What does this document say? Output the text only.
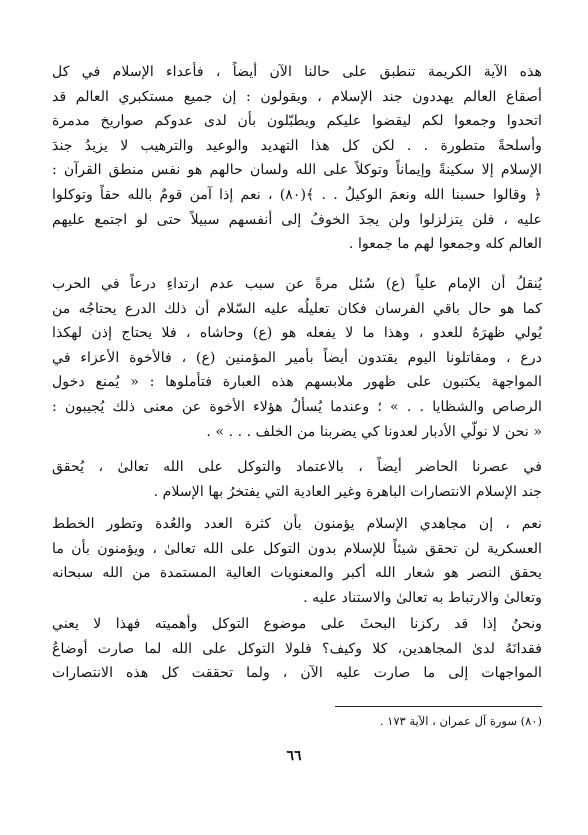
هذه الآية الكريمة تنطبق على حالنا الآن أيضاً ، فأعداء الإسلام في كل
أصقاع العالم يهددون جند الإسلام ، ويقولون : إن جميع مستكبري العالم قد
اتحدوا وجمعوا لكم ليقضوا عليكم ويطبّلون بأن لدى عدوكم صواريخ مدمرة
وأسلحةً متطورة . . لكن كل هذا التهديد والوعيد والترهيب لا يزيدُ جندَ
الإسلام إلا سكينةً وإيماناً وتوكلاً على الله ولسان حالهم هو نفس منطق القرآن :
﴿ وقالوا حسبنا الله ونعمَ الوكيلُ . . ﴾(٨٠) ، نعم إذا آمن قومٌ بالله حقاً وتوكلوا
عليه ، فلن يتزلزلوا ولن يجدَ الخوفُ إلى أنفسهم سبيلاً حتى لو اجتمع عليهم
العالم كله وجمعوا لهم ما جمعوا .
يُنقلُ أن الإمام علياً (ع) سُئل مرةً عن سبب عدم ارتداءِ درعاً في الحرب
كما هو حال باقي الفرسان فكان تعليلُه عليه السّلام أن ذلك الدرع يحتاجُه من
يُولي ظهرَهُ للعدو ، وهذا ما لا يفعله هو (ع) وحاشاه ، فلا يحتاج إذن لهكذا
درع ، ومقاتلونا اليوم يقتدون أيضاً بأمير المؤمنين (ع) ، فالأخوة الأعزاء في
المواجهة يكتبون على ظهور ملابسهم هذه العبارة فتأملوها : « يُمنع دخول
الرصاص والشظايا . . » ؛ وعندما يُسألُ هؤلاء الأخوة عن معنى ذلك يُجيبون :
« نحن لا نولّي الأدبار لعدونا كي يضربنا من الخلف . . . » .
في عصرنا الحاضر أيضاً ، بالاعتماد والتوكل على الله تعالىٰ ، يُحقق
جند الإسلام الانتصارات الباهرة وغير العادية التي يفتخرُ بها الإسلام .
نعم ، إن مجاهدي الإسلام يؤمنون بأن كثرة العدد والعُدة وتطور الخطط
العسكرية لن تحقق شيئاً للإسلام بدون التوكل على الله تعالىٰ ، ويؤمنون بأن ما
يحقق النصر هو شعار الله أكبر والمعنويات العالية المستمدة من الله سبحانه
وتعالىٰ والارتباط به تعالىٰ والاستناد عليه .
ونحنُ إذا قد ركزنا البحثَ على موضوع التوكل وأهميته فهذا لا يعني
فقدانَهُ لدىٰ المجاهدين، كلا وكيف؟ فلولا التوكل على الله لما صارت أوضاعُ
المواجهات إلى ما صارت عليه الآن ، ولما تحققت كل هذه الانتصارات
(٨٠) سورة آل عمران ، الآية ١٧٣ .
٦٦
